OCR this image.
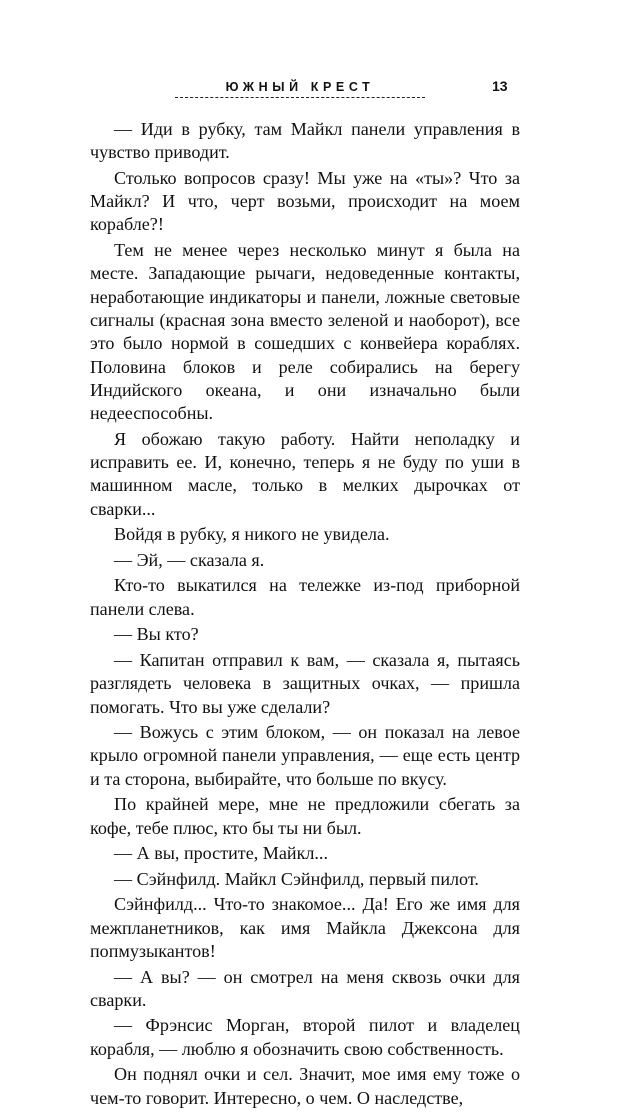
ЮЖНЫЙ КРЕСТ	13

— Иди в рубку, там Майкл панели управления в чувство приводит.

Столько вопросов сразу! Мы уже на «ты»? Что за Майкл? И что, черт возьми, происходит на моем корабле?!

Тем не менее через несколько минут я была на месте. Западающие рычаги, недоведенные контакты, неработающие индикаторы и панели, ложные световые сигналы (красная зона вместо зеленой и наоборот), все это было нормой в сошедших с конвейера кораблях. Половина блоков и реле собирались на берегу Индийского океана, и они изначально были недееспособны.

Я обожаю такую работу. Найти неполадку и исправить ее. И, конечно, теперь я не буду по уши в машинном масле, только в мелких дырочках от сварки...

Войдя в рубку, я никого не увидела.

— Эй, — сказала я.

Кто-то выкатился на тележке из-под приборной панели слева.

— Вы кто?

— Капитан отправил к вам, — сказала я, пытаясь разглядеть человека в защитных очках, — пришла помогать. Что вы уже сделали?

— Вожусь с этим блоком, — он показал на левое крыло огромной панели управления, — еще есть центр и та сторона, выбирайте, что больше по вкусу.

По крайней мере, мне не предложили сбегать за кофе, тебе плюс, кто бы ты ни был.

— А вы, простите, Майкл...

— Сэйнфилд. Майкл Сэйнфилд, первый пилот.

Сэйнфилд... Что-то знакомое... Да! Его же имя для межпланетников, как имя Майкла Джексона для попмузыкантов!

— А вы? — он смотрел на меня сквозь очки для сварки.

— Фрэнсис Морган, второй пилот и владелец корабля, — люблю я обозначить свою собственность.

Он поднял очки и сел. Значит, мое имя ему тоже о чем-то говорит. Интересно, о чем. О наследстве,
